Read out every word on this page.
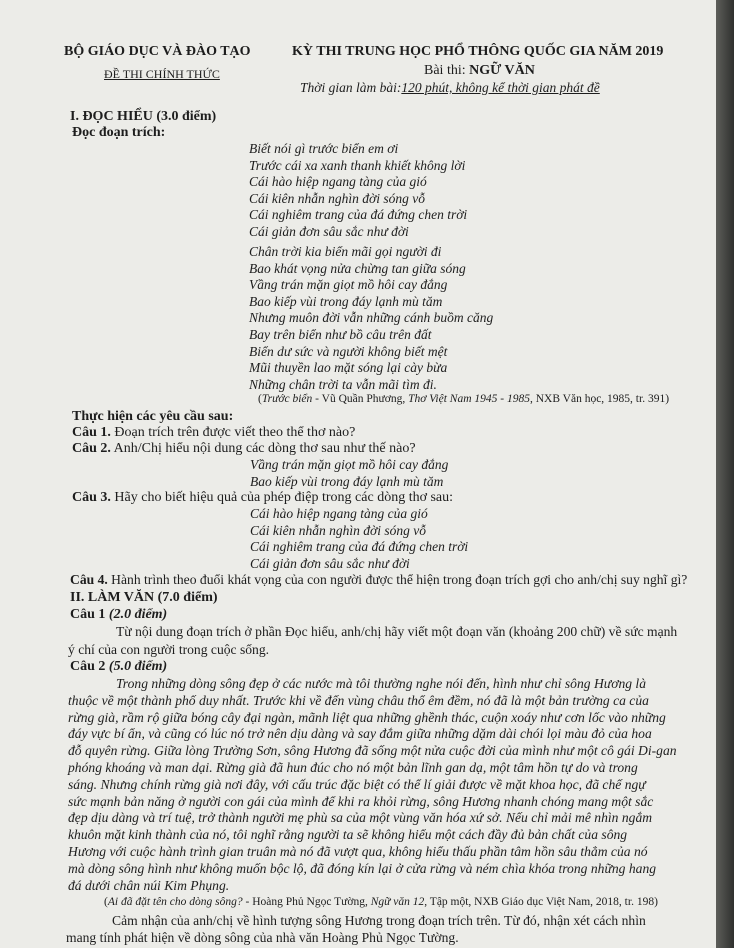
BỘ GIÁO DỤC VÀ ĐÀO TẠO
ĐỀ THI CHÍNH THỨC
KỲ THI TRUNG HỌC PHỔ THÔNG QUỐC GIA NĂM 2019
Bài thi: NGỮ VĂN
Thời gian làm bài:120 phút, không kể thời gian phát đề
I. ĐỌC HIỂU (3.0 điểm)
Đọc đoạn trích:
Biết nói gì trước biển em ơi
Trước cái xa xanh thanh khiết không lời
Cái hào hiệp ngang tàng của gió
Cái kiên nhẫn nghìn đời sóng vỗ
Cái nghiêm trang của đá đứng chen trời
Cái giản đơn sâu sắc như đời
Chân trời kia biển mãi gọi người đi
Bao khát vọng nửa chừng tan giữa sóng
Vầng trán mặn giọt mồ hôi cay đắng
Bao kiếp vùi trong đáy lạnh mù tăm
Nhưng muôn đời vẫn những cánh buồm căng
Bay trên biển như bồ câu trên đất
Biển dư sức và người không biết mệt
Mũi thuyền lao mặt sóng lại cày bừa
Những chân trời ta vẫn mãi tìm đi.
(Trước biển - Vũ Quần Phương, Thơ Việt Nam 1945 - 1985, NXB Văn học, 1985, tr. 391)
Thực hiện các yêu cầu sau:
Câu 1. Đoạn trích trên được viết theo thể thơ nào?
Câu 2. Anh/Chị hiểu nội dung các dòng thơ sau như thế nào?
Vầng trán mặn giọt mồ hôi cay đắng
Bao kiếp vùi trong đáy lạnh mù tăm
Câu 3. Hãy cho biết hiệu quả của phép điệp trong các dòng thơ sau:
Cái hào hiệp ngang tàng của gió
Cái kiên nhẫn nghìn đời sóng vỗ
Cái nghiêm trang của đá đứng chen trời
Cái giản đơn sâu sắc như đời
Câu 4. Hành trình theo đuổi khát vọng của con người được thể hiện trong đoạn trích gợi cho anh/chị suy nghĩ gì?
II. LÀM VĂN (7.0 điểm)
Câu 1 (2.0 điểm)
Từ nội dung đoạn trích ở phần Đọc hiểu, anh/chị hãy viết một đoạn văn (khoảng 200 chữ) về sức mạnh
ý chí của con người trong cuộc sống.
Câu 2 (5.0 điểm)
Trong những dòng sông đẹp ở các nước mà tôi thường nghe nói đến, hình như chỉ sông Hương là
thuộc về một thành phố duy nhất. Trước khi về đến vùng châu thổ êm đềm, nó đã là một bản trường ca của
rừng già, rầm rộ giữa bóng cây đại ngàn, mãnh liệt qua những ghềnh thác, cuộn xoáy như cơn lốc vào những
đáy vực bí ẩn, và cũng có lúc nó trở nên dịu dàng và say đắm giữa những dặm dài chói lọi màu đỏ của hoa
đỗ quyên rừng. Giữa lòng Trường Sơn, sông Hương đã sống một nửa cuộc đời của mình như một cô gái Di-gan
phóng khoáng và man dại. Rừng già đã hun đúc cho nó một bản lĩnh gan dạ, một tâm hồn tự do và trong
sáng. Nhưng chính rừng già nơi đây, với cấu trúc đặc biệt có thể lí giải được về mặt khoa học, đã chế ngự
sức mạnh bản năng ở người con gái của mình để khi ra khỏi rừng, sông Hương nhanh chóng mang một sắc
đẹp dịu dàng và trí tuệ, trở thành người mẹ phù sa của một vùng văn hóa xứ sở. Nếu chỉ mải mê nhìn ngắm
khuôn mặt kinh thành của nó, tôi nghĩ rằng người ta sẽ không hiểu một cách đầy đủ bản chất của sông
Hương với cuộc hành trình gian truân mà nó đã vượt qua, không hiểu thấu phần tâm hồn sâu thẳm của nó
mà dòng sông hình như không muốn bộc lộ, đã đóng kín lại ở cửa rừng và ném chìa khóa trong những hang
đá dưới chân núi Kim Phụng.
(Ai đã đặt tên cho dòng sông? - Hoàng Phủ Ngọc Tường, Ngữ văn 12, Tập một, NXB Giáo dục Việt Nam, 2018, tr. 198)
Cảm nhận của anh/chị về hình tượng sông Hương trong đoạn trích trên. Từ đó, nhận xét cách nhìn
mang tính phát hiện về dòng sông của nhà văn Hoàng Phủ Ngọc Tường.
